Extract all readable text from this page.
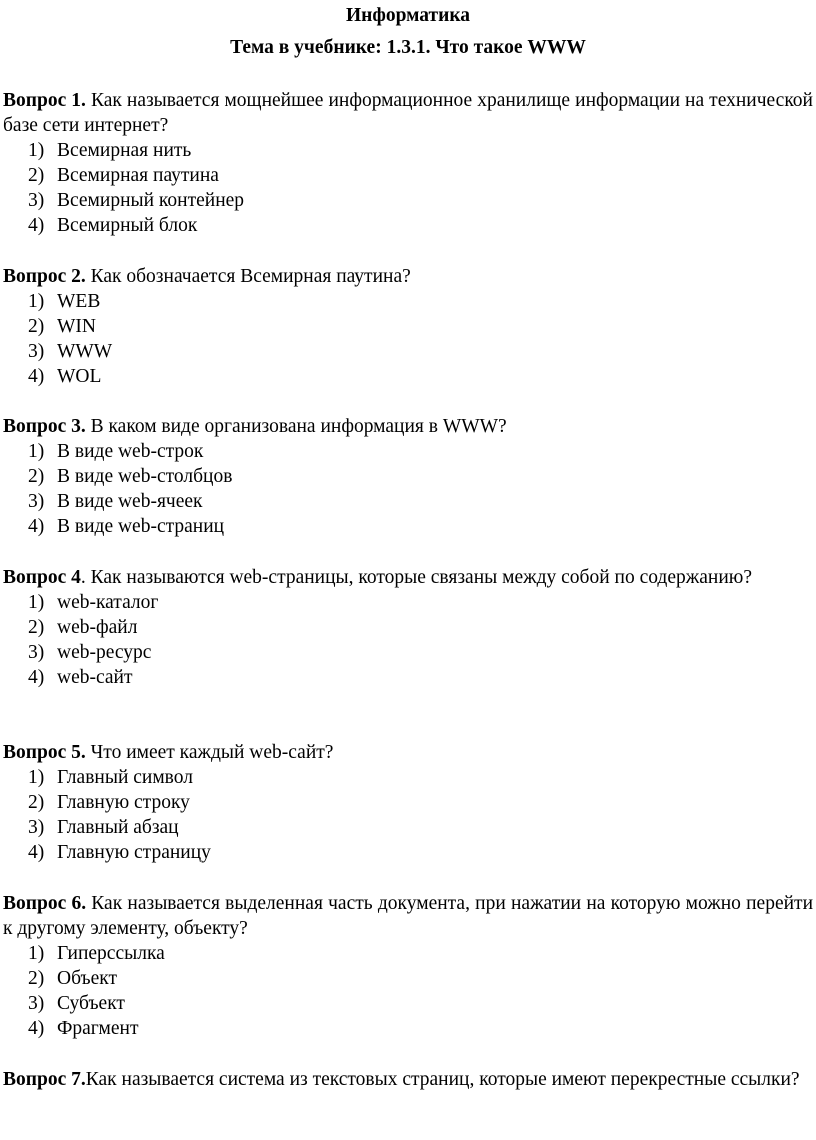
Информатика

Тема в учебнике: 1.3.1. Что такое WWW

Вопрос 1. Как называется мощнейшее информационное хранилище информации на технической базе сети интернет?

1) Всемирная нить
2) Всемирная паутина
3) Всемирный контейнер
4) Всемирный блок

Вопрос 2. Как обозначается Всемирная паутина?

1) WEB
2) WIN
3) WWW
4) WOL

Вопрос 3. В каком виде организована информация в WWW?

1) В виде web-строк
2) В виде web-столбцов
3) В виде web-ячеек
4) В виде web-страниц

Вопрос 4. Как называются web-страницы, которые связаны между собой по содержанию?

1) web-каталог
2) web-файл
3) web-ресурс
4) web-сайт

Вопрос 5. Что имеет каждый web-сайт?

1) Главный символ
2) Главную строку
3) Главный абзац
4) Главную страницу

Вопрос 6. Как называется выделенная часть документа, при нажатии на которую можно перейти к другому элементу, объекту?

1) Гиперссылка
2) Объект
3) Субъект
4) Фрагмент

Вопрос 7.Как называется система из текстовых страниц, которые имеют перекрестные ссылки?
